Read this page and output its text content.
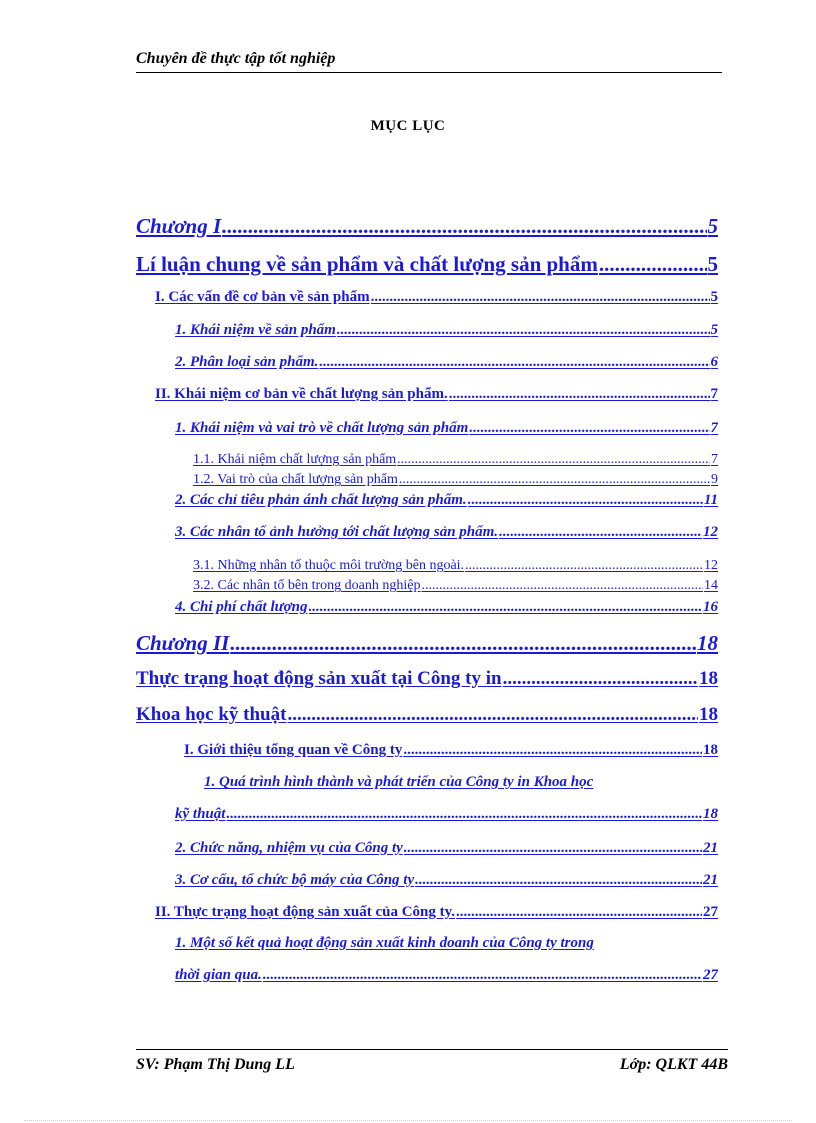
Chuyên đề thực tập tốt nghiệp
MỤC LỤC
Chương I .....	5
Lí luận chung về sản phẩm và chất lượng sản phẩm .....	5
I. Các vấn đề cơ bản về sản phẩm .....	5
1. Khái niệm về sản phẩm .....	5
2. Phân loại sản phẩm. .....	6
II. Khái niệm cơ bản về chất lượng sản phẩm. .....	7
1. Khái niệm và vai trò về chất lượng sản phẩm .....	7
1.1. Khái niệm chất lượng sản phẩm .....	7
1.2. Vai trò của chất lượng sản phẩm .....	9
2. Các chỉ tiêu phản ánh chất lượng sản phẩm. .....	11
3. Các nhân tố ảnh hưởng tới chất lượng sản phẩm. .....	12
3.1. Những nhân tố thuộc môi trường bên ngoài. .....	12
3.2. Các nhân tố bên trong doanh nghiệp .....	14
4. Chi phí chất lượng .....	16
Chương II .....	18
Thực trạng hoạt động sản xuất tại Công ty in .....	18
Khoa học kỹ thuật .....	18
I. Giới thiệu tổng quan về Công ty .....	18
1. Quá trình hình thành và phát triển của Công ty in Khoa học
kỹ thuật .....	18
2. Chức năng, nhiệm vụ của Công ty .....	21
3. Cơ cấu, tổ chức bộ máy của Công ty .....	21
II. Thực trạng hoạt động sản xuất của Công ty. .....	27
1. Một số kết quả hoạt động sản xuất kinh doanh của Công ty trong
thời gian qua. .....	27
SV: Phạm Thị Dung LL	Lớp: QLKT 44B
